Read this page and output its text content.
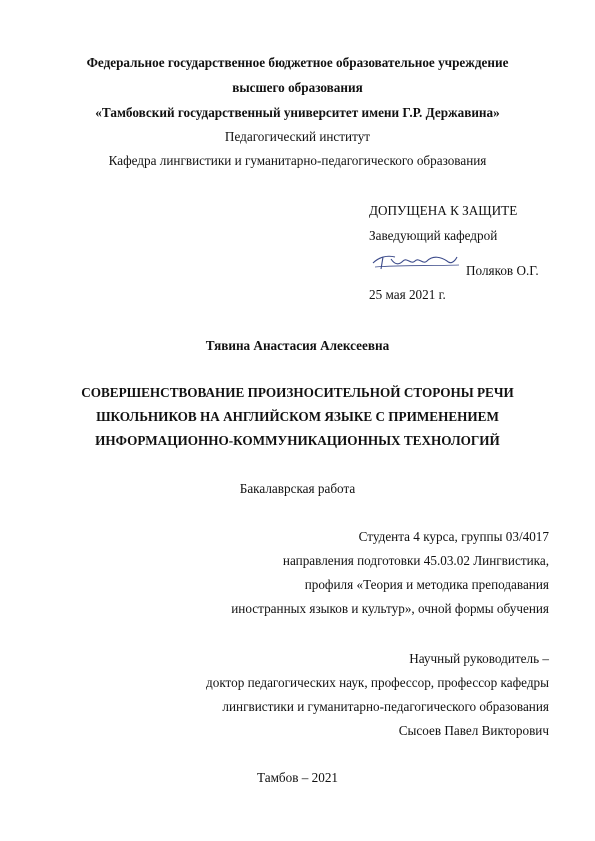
Федеральное государственное бюджетное образовательное учреждение
высшего образования
«Тамбовский государственный университет имени Г.Р. Державина»
Педагогический институт
Кафедра лингвистики и гуманитарно-педагогического образования
ДОПУЩЕНА К ЗАЩИТЕ
Заведующий кафедрой
Поляков О.Г.
25 мая 2021 г.
Тявина Анастасия Алексеевна
СОВЕРШЕНСТВОВАНИЕ ПРОИЗНОСИТЕЛЬНОЙ СТОРОНЫ РЕЧИ
ШКОЛЬНИКОВ НА АНГЛИЙСКОМ ЯЗЫКЕ С ПРИМЕНЕНИЕМ
ИНФОРМАЦИОННО-КОММУНИКАЦИОННЫХ ТЕХНОЛОГИЙ
Бакалаврская работа
Студента 4 курса, группы 03/4017
направления подготовки 45.03.02 Лингвистика,
профиля «Теория и методика преподавания
иностранных языков и культур», очной формы обучения
Научный руководитель –
доктор педагогических наук, профессор, профессор кафедры
лингвистики и гуманитарно-педагогического образования
Сысоев Павел Викторович
Тамбов – 2021
